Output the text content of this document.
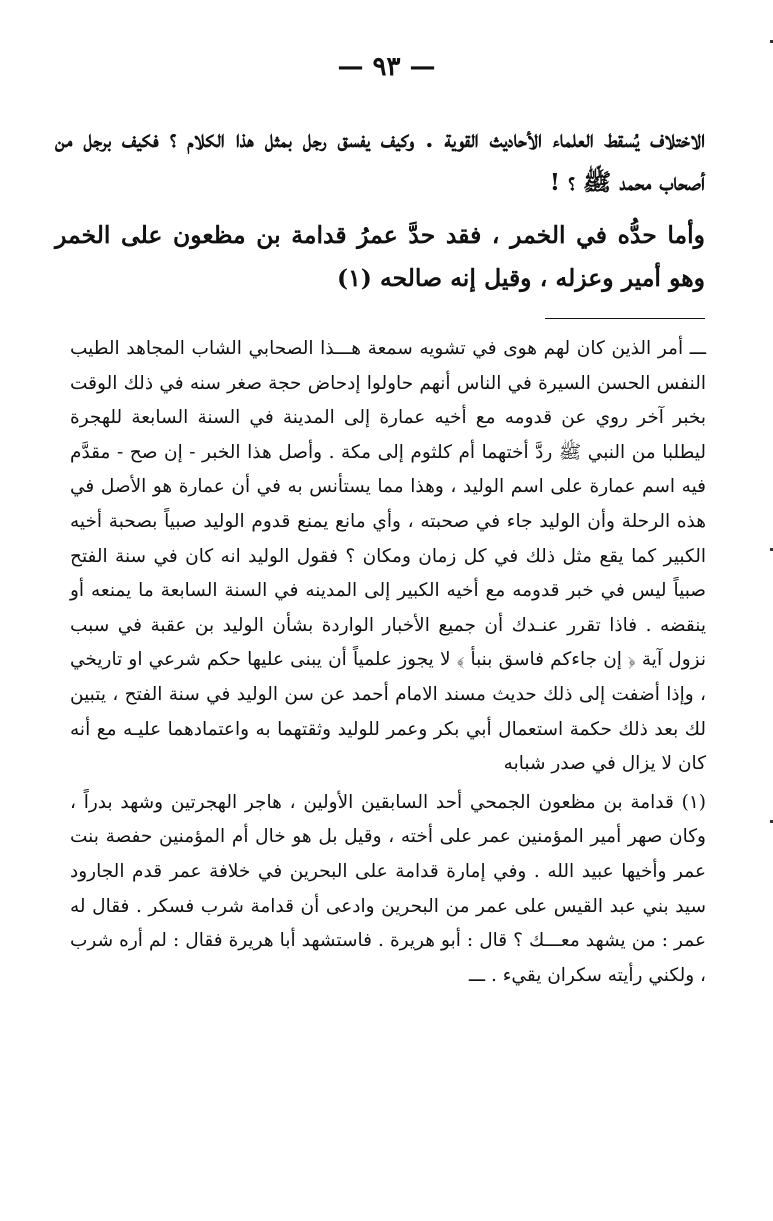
— ٩٣ —

الاختلاف يُسقط العلماء الأحاديث القوية . وكيف يفسق رجل بمثل هذا الكلام ؟ فكيف برجل من أصحاب محمد ﷺ ؟ !

وأما حدُّه في الخمر ، فقد حدَّ عمرُ قدامة بن مظعون على الخمر وهو أمير وعزله ، وقيل إنه صالحه (١)

ـــ أمر الذين كان لهم هوى في تشويه سمعة هـــذا الصحابي الشاب المجاهد الطيب النفس الحسن السيرة في الناس أنهم حاولوا إدحاض حجة صغر سنه في ذلك الوقت بخبر آخر روي عن قدومه مع أخيه عمارة إلى المدينة في السنة السابعة للهجرة ليطلبا من النبي ﷺ ردَّ أختهما أم كلثوم إلى مكة . وأصل هذا الخبر - إن صح - مقدَّم فيه اسم عمارة على اسم الوليد ، وهذا مما يستأنس به في أن عمارة هو الأصل في هذه الرحلة وأن الوليد جاء في صحبته ، وأي مانع يمنع قدوم الوليد صبياً بصحبة أخيه الكبير كما يقع مثل ذلك في كل زمان ومكان ؟ فقول الوليد انه كان في سنة الفتح صبياً ليس في خبر قدومه مع أخيه الكبير إلى المدينه في السنة السابعة ما يمنعه أو ينقضه . فاذا تقرر عنـدك أن جميع الأخبار الواردة بشأن الوليد بن عقبة في سبب نزول آية ﴿ إن جاءكم فاسق بنبأ ﴾ لا يجوز علمياً أن يبنى عليها حكم شرعي او تاريخي ، وإذا أضفت إلى ذلك حديث مسند الامام أحمد عن سن الوليد في سنة الفتح ، يتبين لك بعد ذلك حكمة استعمال أبي بكر وعمر للوليد وثقتهما به واعتمادهما عليـه مع أنه كان لا يزال في صدر شبابه

(١) قدامة بن مظعون الجمحي أحد السابقين الأولين ، هاجر الهجرتين وشهد بدراً ، وكان صهر أمير المؤمنين عمر على أخته ، وقيل بل هو خال أم المؤمنين حفصة بنت عمر وأخيها عبيد الله . وفي إمارة قدامة على البحرين في خلافة عمر قدم الجارود سيد بني عبد القيس على عمر من البحرين وادعى أن قدامة شرب فسكر . فقال له عمر : من يشهد معـــك ؟ قال : أبو هريرة . فاستشهد أبا هريرة فقال : لم أره شرب ، ولكني رأيته سكران يقيء . ـــ
